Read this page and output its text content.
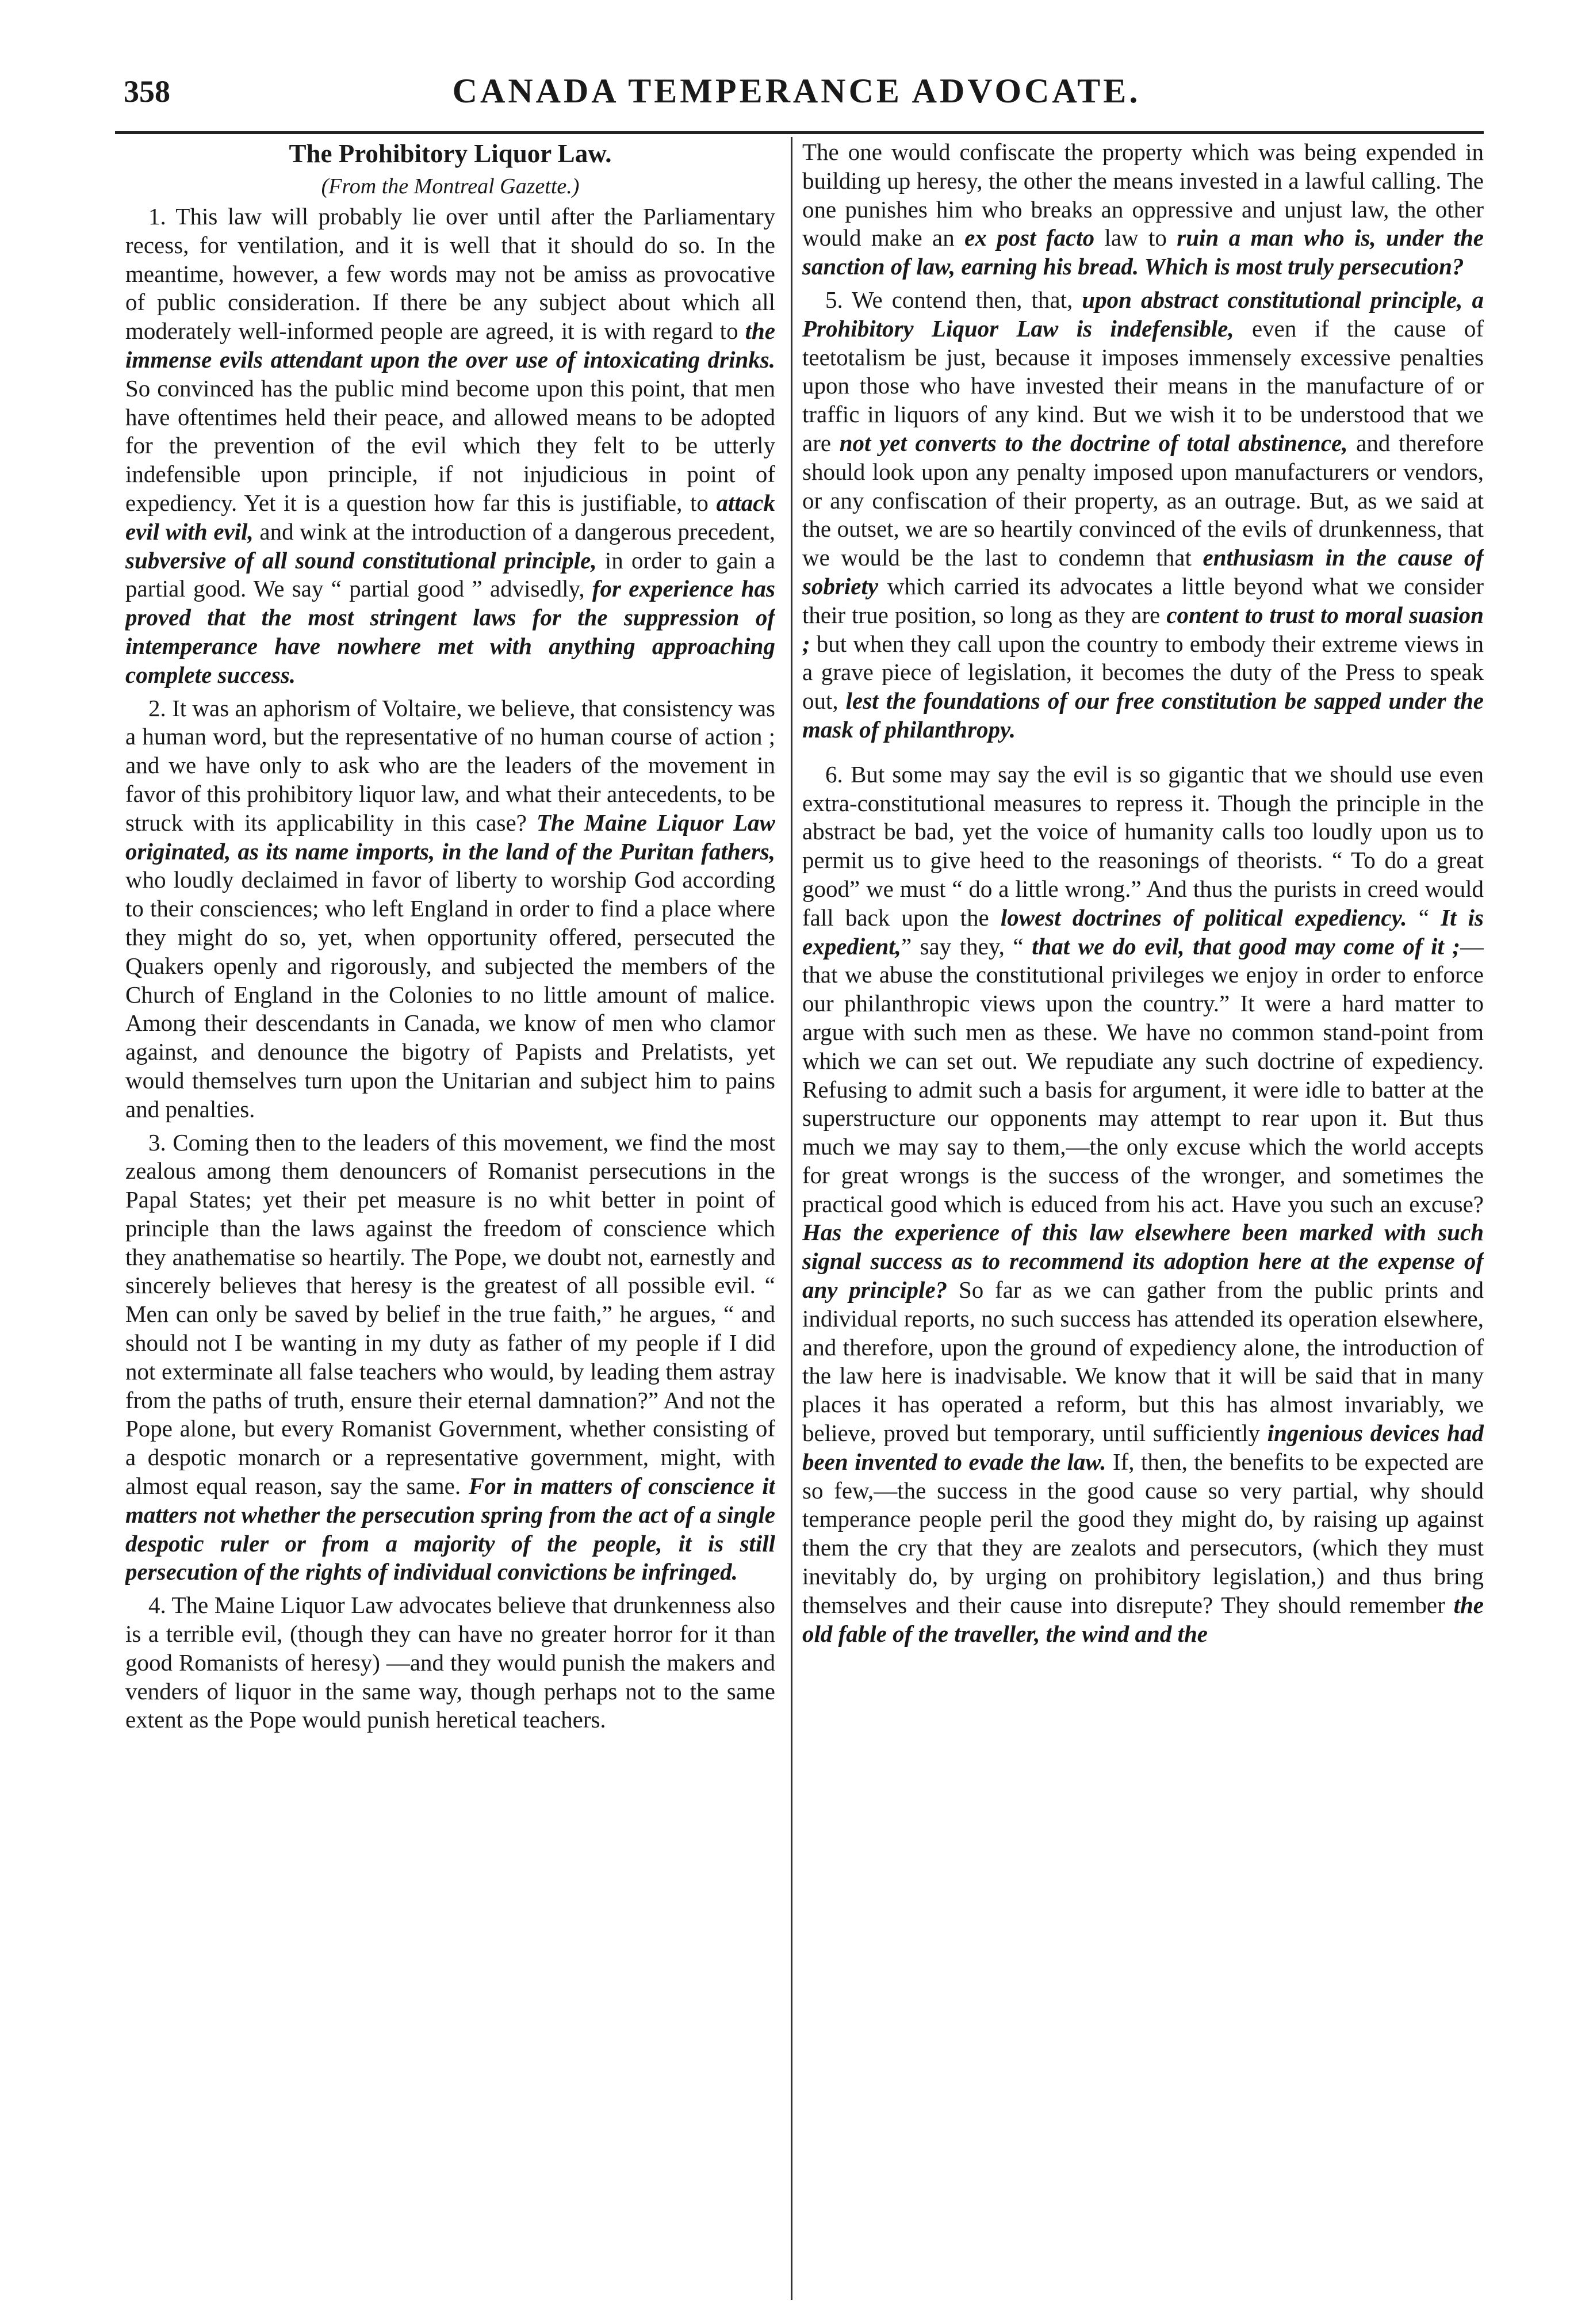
358	CANADA TEMPERANCE ADVOCATE.
The Prohibitory Liquor Law.
(From the Montreal Gazette.)

1. This law will probably lie over until after the Parliamentary recess, for ventilation, and it is well that it should do so. In the meantime, however, a few words may not be amiss as provocative of public consideration. If there be any subject about which all moderately well-informed people are agreed, it is with regard to the immense evils attendant upon the over use of intoxicating drinks. So convinced has the public mind become upon this point, that men have oftentimes held their peace, and allowed means to be adopted for the prevention of the evil which they felt to be utterly indefensible upon principle, if not injudicious in point of expediency. Yet it is a question how far this is justifiable, to attack evil with evil, and wink at the introduction of a dangerous precedent, subversive of all sound constitutional principle, in order to gain a partial good. We say “ partial good ” advisedly, for experience has proved that the most stringent laws for the suppression of intemperance have nowhere met with anything approaching complete success.

2. It was an aphorism of Voltaire, we believe, that consistency was a human word, but the representative of no human course of action ; and we have only to ask who are the leaders of the movement in favor of this prohibitory liquor law, and what their antecedents, to be struck with its applicability in this case? The Maine Liquor Law originated, as its name imports, in the land of the Puritan fathers, who loudly declaimed in favor of liberty to worship God according to their consciences; who left England in order to find a place where they might do so, yet, when opportunity offered, persecuted the Quakers openly and rigorously, and subjected the members of the Church of England in the Colonies to no little amount of malice. Among their descendants in Canada, we know of men who clamor against, and denounce the bigotry of Papists and Prelatists, yet would themselves turn upon the Unitarian and subject him to pains and penalties.

3. Coming then to the leaders of this movement, we find the most zealous among them denouncers of Romanist persecutions in the Papal States; yet their pet measure is no whit better in point of principle than the laws against the freedom of conscience which they anathematise so heartily. The Pope, we doubt not, earnestly and sincerely believes that heresy is the greatest of all possible evil. “ Men can only be saved by belief in the true faith,” he argues, “ and should not I be wanting in my duty as father of my people if I did not exterminate all false teachers who would, by leading them astray from the paths of truth, ensure their eternal damnation?” And not the Pope alone, but every Romanist Government, whether consisting of a despotic monarch or a representative government, might, with almost equal reason, say the same. For in matters of conscience it matters not whether the persecution spring from the act of a single despotic ruler or from a majority of the people, it is still persecution of the rights of individual convictions be infringed.

4. The Maine Liquor Law advocates believe that drunkenness also is a terrible evil, (though they can have no greater horror for it than good Romanists of heresy) —and they would punish the makers and venders of liquor in the same way, though perhaps not to the same extent as the Pope would punish heretical teachers.

The one would confiscate the property which was being expended in building up heresy, the other the means invested in a lawful calling. The one punishes him who breaks an oppressive and unjust law, the other would make an ex post facto law to ruin a man who is, under the sanction of law, earning his bread. Which is most truly persecution?

5. We contend then, that, upon abstract constitutional principle, a Prohibitory Liquor Law is indefensible, even if the cause of teetotalism be just, because it imposes immensely excessive penalties upon those who have invested their means in the manufacture of or traffic in liquors of any kind. But we wish it to be understood that we are not yet converts to the doctrine of total abstinence, and therefore should look upon any penalty imposed upon manufacturers or vendors, or any confiscation of their property, as an outrage. But, as we said at the outset, we are so heartily convinced of the evils of drunkenness, that we would be the last to condemn that enthusiasm in the cause of sobriety which carried its advocates a little beyond what we consider their true position, so long as they are content to trust to moral suasion ; but when they call upon the country to embody their extreme views in a grave piece of legislation, it becomes the duty of the Press to speak out, lest the foundations of our free constitution be sapped under the mask of philanthropy.

6. But some may say the evil is so gigantic that we should use even extra-constitutional measures to repress it. Though the principle in the abstract be bad, yet the voice of humanity calls too loudly upon us to permit us to give heed to the reasonings of theorists. “ To do a great good” we must “ do a little wrong.” And thus the purists in creed would fall back upon the lowest doctrines of political expediency. “ It is expedient,” say they, “ that we do evil, that good may come of it ;— that we abuse the constitutional privileges we enjoy in order to enforce our philanthropic views upon the country.” It were a hard matter to argue with such men as these. We have no common stand-point from which we can set out. We repudiate any such doctrine of expediency. Refusing to admit such a basis for argument, it were idle to batter at the superstructure our opponents may attempt to rear upon it. But thus much we may say to them,—the only excuse which the world accepts for great wrongs is the success of the wronger, and sometimes the practical good which is educed from his act. Have you such an excuse? Has the experience of this law elsewhere been marked with such signal success as to recommend its adoption here at the expense of any principle? So far as we can gather from the public prints and individual reports, no such success has attended its operation elsewhere, and therefore, upon the ground of expediency alone, the introduction of the law here is inadvisable. We know that it will be said that in many places it has operated a reform, but this has almost invariably, we believe, proved but temporary, until sufficiently ingenious devices had been invented to evade the law. If, then, the benefits to be expected are so few,—the success in the good cause so very partial, why should temperance people peril the good they might do, by raising up against them the cry that they are zealots and persecutors, (which they must inevitably do, by urging on prohibitory legislation,) and thus bring themselves and their cause into disrepute? They should remember the old fable of the traveller, the wind and the
